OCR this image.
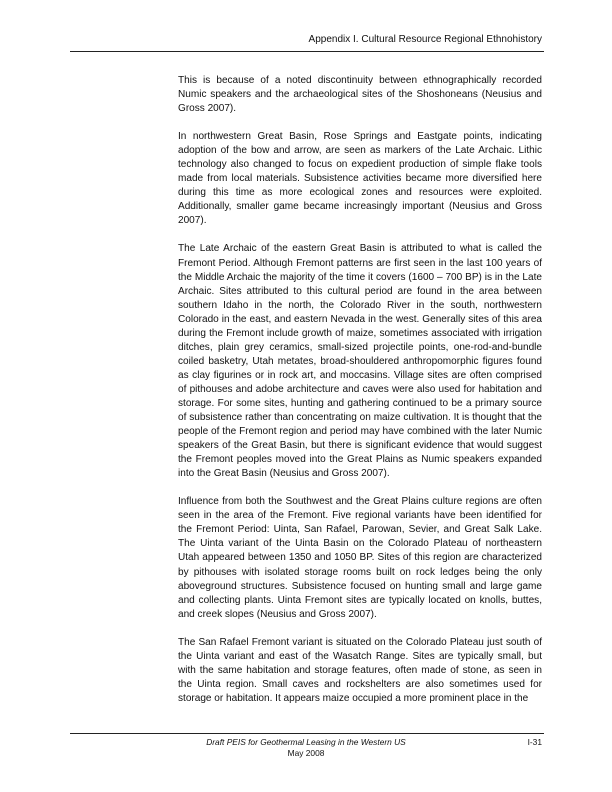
Appendix I. Cultural Resource Regional Ethnohistory

This is because of a noted discontinuity between ethnographically recorded Numic speakers and the archaeological sites of the Shoshoneans (Neusius and Gross 2007).

In northwestern Great Basin, Rose Springs and Eastgate points, indicating adoption of the bow and arrow, are seen as markers of the Late Archaic. Lithic technology also changed to focus on expedient production of simple flake tools made from local materials. Subsistence activities became more diversified here during this time as more ecological zones and resources were exploited. Additionally, smaller game became increasingly important (Neusius and Gross 2007).

The Late Archaic of the eastern Great Basin is attributed to what is called the Fremont Period. Although Fremont patterns are first seen in the last 100 years of the Middle Archaic the majority of the time it covers (1600 – 700 BP) is in the Late Archaic. Sites attributed to this cultural period are found in the area between southern Idaho in the north, the Colorado River in the south, northwestern Colorado in the east, and eastern Nevada in the west. Generally sites of this area during the Fremont include growth of maize, sometimes associated with irrigation ditches, plain grey ceramics, small-sized projectile points, one-rod-and-bundle coiled basketry, Utah metates, broad-shouldered anthropomorphic figures found as clay figurines or in rock art, and moccasins. Village sites are often comprised of pithouses and adobe architecture and caves were also used for habitation and storage. For some sites, hunting and gathering continued to be a primary source of subsistence rather than concentrating on maize cultivation. It is thought that the people of the Fremont region and period may have combined with the later Numic speakers of the Great Basin, but there is significant evidence that would suggest the Fremont peoples moved into the Great Plains as Numic speakers expanded into the Great Basin (Neusius and Gross 2007).

Influence from both the Southwest and the Great Plains culture regions are often seen in the area of the Fremont. Five regional variants have been identified for the Fremont Period: Uinta, San Rafael, Parowan, Sevier, and Great Salk Lake. The Uinta variant of the Uinta Basin on the Colorado Plateau of northeastern Utah appeared between 1350 and 1050 BP. Sites of this region are characterized by pithouses with isolated storage rooms built on rock ledges being the only aboveground structures. Subsistence focused on hunting small and large game and collecting plants. Uinta Fremont sites are typically located on knolls, buttes, and creek slopes (Neusius and Gross 2007).

The San Rafael Fremont variant is situated on the Colorado Plateau just south of the Uinta variant and east of the Wasatch Range. Sites are typically small, but with the same habitation and storage features, often made of stone, as seen in the Uinta region. Small caves and rockshelters are also sometimes used for storage or habitation. It appears maize occupied a more prominent place in the

Draft PEIS for Geothermal Leasing in the Western US
May 2008
I-31
